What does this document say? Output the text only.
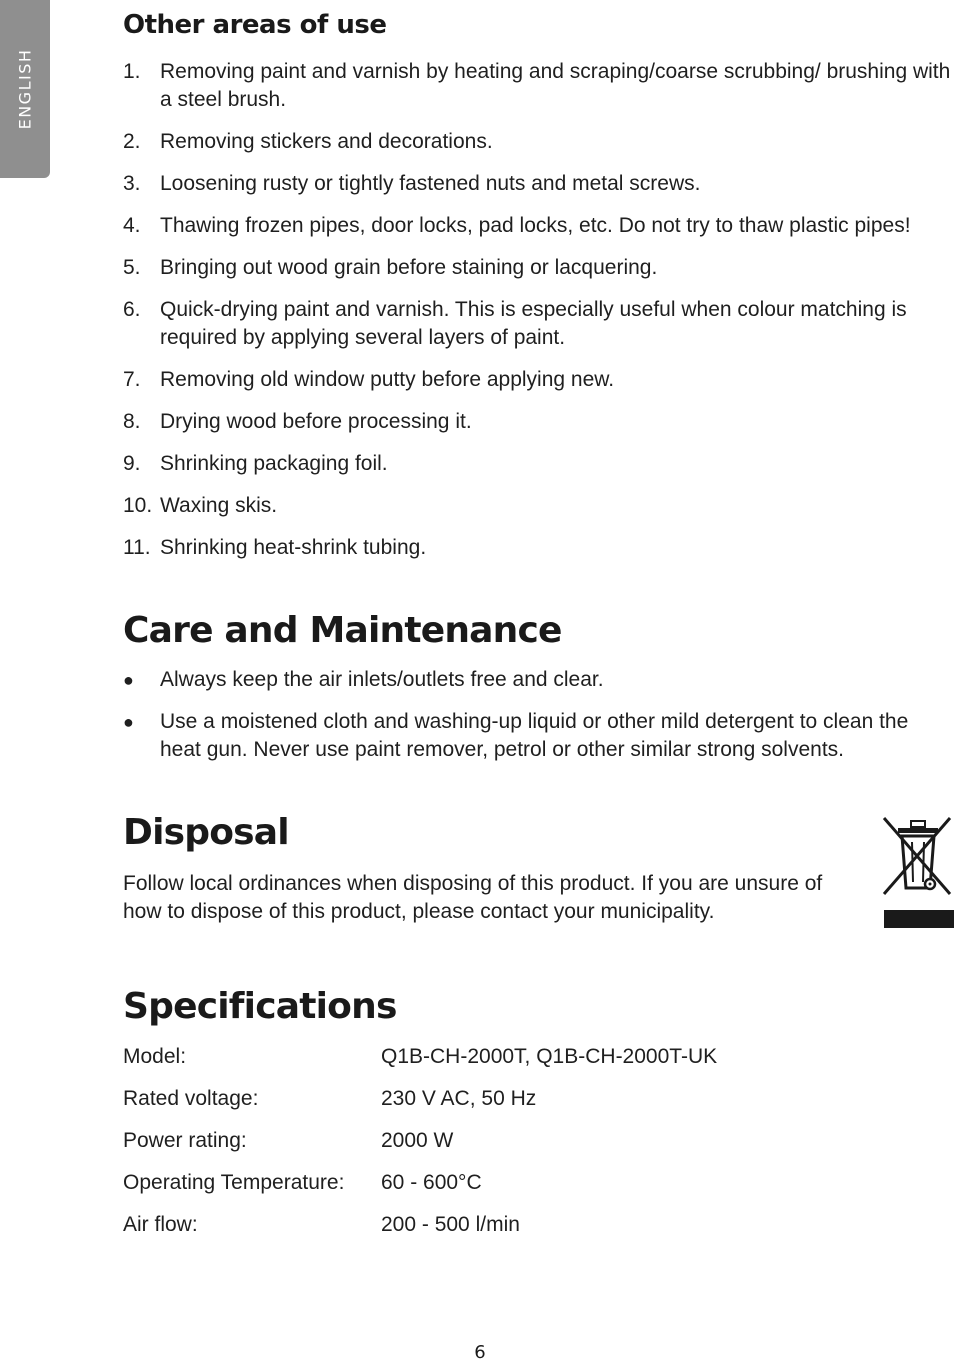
ENGLISH
Other areas of use
1. Removing paint and varnish by heating and scraping/coarse scrubbing/ brushing with a steel brush.
2. Removing stickers and decorations.
3. Loosening rusty or tightly fastened nuts and metal screws.
4. Thawing frozen pipes, door locks, pad locks, etc. Do not try to thaw plastic pipes!
5. Bringing out wood grain before staining or lacquering.
6. Quick-drying paint and varnish. This is especially useful when colour matching is required by applying several layers of paint.
7. Removing old window putty before applying new.
8. Drying wood before processing it.
9. Shrinking packaging foil.
10. Waxing skis.
11. Shrinking heat-shrink tubing.
Care and Maintenance
●	Always keep the air inlets/outlets free and clear.
●	Use a moistened cloth and washing-up liquid or other mild detergent to clean the heat gun. Never use paint remover, petrol or other similar strong solvents.
Disposal
Follow local ordinances when disposing of this product. If you are unsure of how to dispose of this product, please contact your municipality.
Specifications
Model:	Q1B-CH-2000T, Q1B-CH-2000T-UK
Rated voltage:	230 V AC, 50 Hz
Power rating:	2000 W
Operating Temperature:	60 - 600°C
Air flow:	200 - 500 l/min
6
